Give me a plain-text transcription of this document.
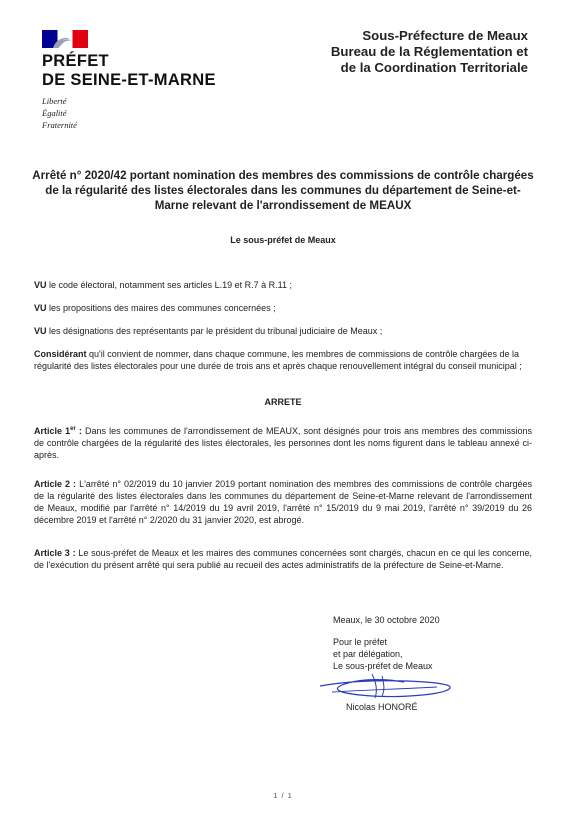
PRÉFET
DE SEINE-ET-MARNE
Liberté
Égalité
Fraternité
Sous-Préfecture de Meaux
Bureau de la Réglementation et
de la Coordination Territoriale
Arrêté n° 2020/42 portant nomination des membres des commissions de contrôle chargées de la régularité des listes électorales dans les communes du département de Seine-et-Marne relevant de l'arrondissement de MEAUX
Le sous-préfet de Meaux
VU le code électoral, notamment ses articles L.19 et R.7 à R.11 ;
VU les propositions des maires des communes concernées ;
VU les désignations des représentants par le président du tribunal judiciaire de Meaux ;
Considérant qu'il convient de nommer, dans chaque commune, les membres de commissions de contrôle chargées de la régularité des listes électorales pour une durée de trois ans et après chaque renouvellement intégral du conseil municipal ;
ARRETE
Article 1er : Dans les communes de l'arrondissement de MEAUX, sont désignés pour trois ans membres des commissions de contrôle chargées de la régularité des listes électorales, les personnes dont les noms figurent dans le tableau annexé ci-après.
Article 2 : L'arrêté n° 02/2019 du 10 janvier 2019 portant nomination des membres des commissions de contrôle chargées de la régularité des listes électorales dans les communes du département de Seine-et-Marne relevant de l'arrondissement de Meaux, modifié par l'arrêté n° 14/2019 du 19 avril 2019, l'arrêté n° 15/2019 du 9 mai 2019, l'arrêté n° 39/2019 du 26 décembre 2019 et l'arrêté n° 2/2020 du 31 janvier 2020, est abrogé.
Article 3 : Le sous-préfet de Meaux et les maires des communes concernées sont chargés, chacun en ce qui les concerne, de l'exécution du présent arrêté qui sera publié au recueil des actes administratifs de la préfecture de Seine-et-Marne.
Meaux, le 30 octobre 2020
Pour le préfet
et par délégation,
Le sous-préfet de Meaux
Nicolas HONORÉ
1 / 1
